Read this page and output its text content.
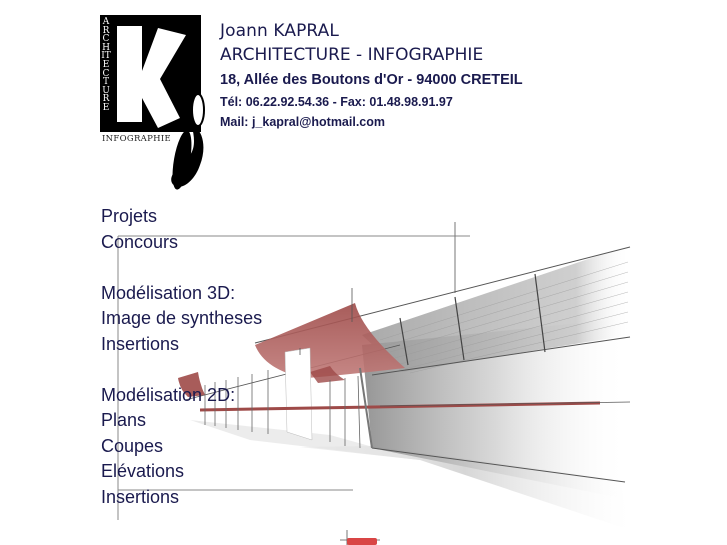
ARCHITECTURE
INFOGRAPHIE
Joann KAPRAL
ARCHITECTURE - INFOGRAPHIE
18, Allée des Boutons d'Or - 94000 CRETEIL
Tél: 06.22.92.54.36 - Fax: 01.48.98.91.97
Mail: j_kapral@hotmail.com
Projets
Concours
Modélisation 3D:
Image de syntheses
Insertions
Modélisation 2D:
Plans
Coupes
Elévations
Insertions
